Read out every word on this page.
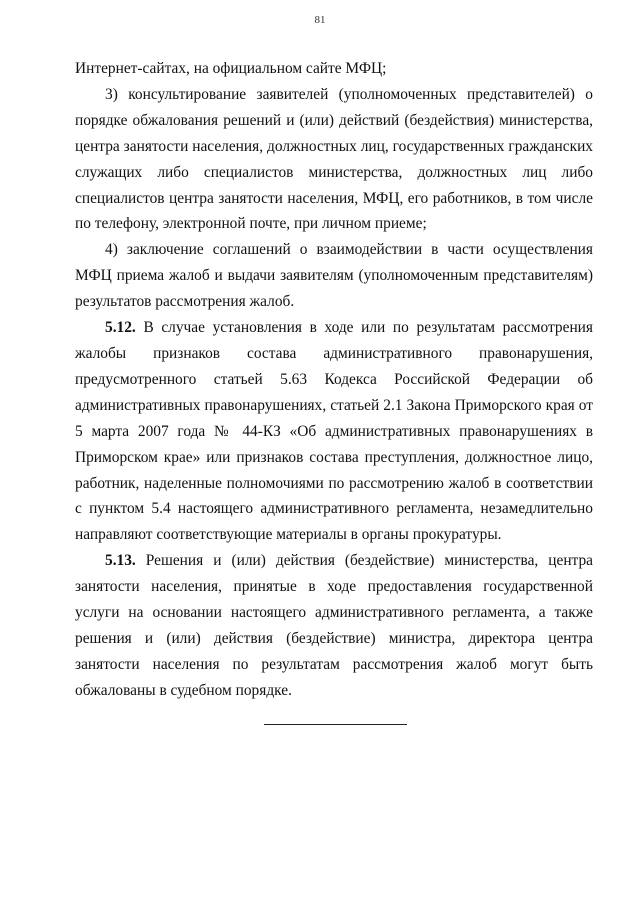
81

Интернет-сайтах, на официальном сайте МФЦ;

3) консультирование заявителей (уполномоченных представителей) о порядке обжалования решений и (или) действий (бездействия) министерства, центра занятости населения, должностных лиц, государственных гражданских служащих либо специалистов министерства, должностных лиц либо специалистов центра занятости населения, МФЦ, его работников, в том числе по телефону, электронной почте, при личном приеме;

4) заключение соглашений о взаимодействии в части осуществления МФЦ приема жалоб и выдачи заявителям (уполномоченным представителям) результатов рассмотрения жалоб.

5.12. В случае установления в ходе или по результатам рассмотрения жалобы признаков состава административного правонарушения, предусмотренного статьей 5.63 Кодекса Российской Федерации об административных правонарушениях, статьей 2.1 Закона Приморского края от 5 марта 2007 года № 44-КЗ «Об административных правонарушениях в Приморском крае» или признаков состава преступления, должностное лицо, работник, наделенные полномочиями по рассмотрению жалоб в соответствии с пунктом 5.4 настоящего административного регламента, незамедлительно направляют соответствующие материалы в органы прокуратуры.

5.13. Решения и (или) действия (бездействие) министерства, центра занятости населения, принятые в ходе предоставления государственной услуги на основании настоящего административного регламента, а также решения и (или) действия (бездействие) министра, директора центра занятости населения по результатам рассмотрения жалоб могут быть обжалованы в судебном порядке.
